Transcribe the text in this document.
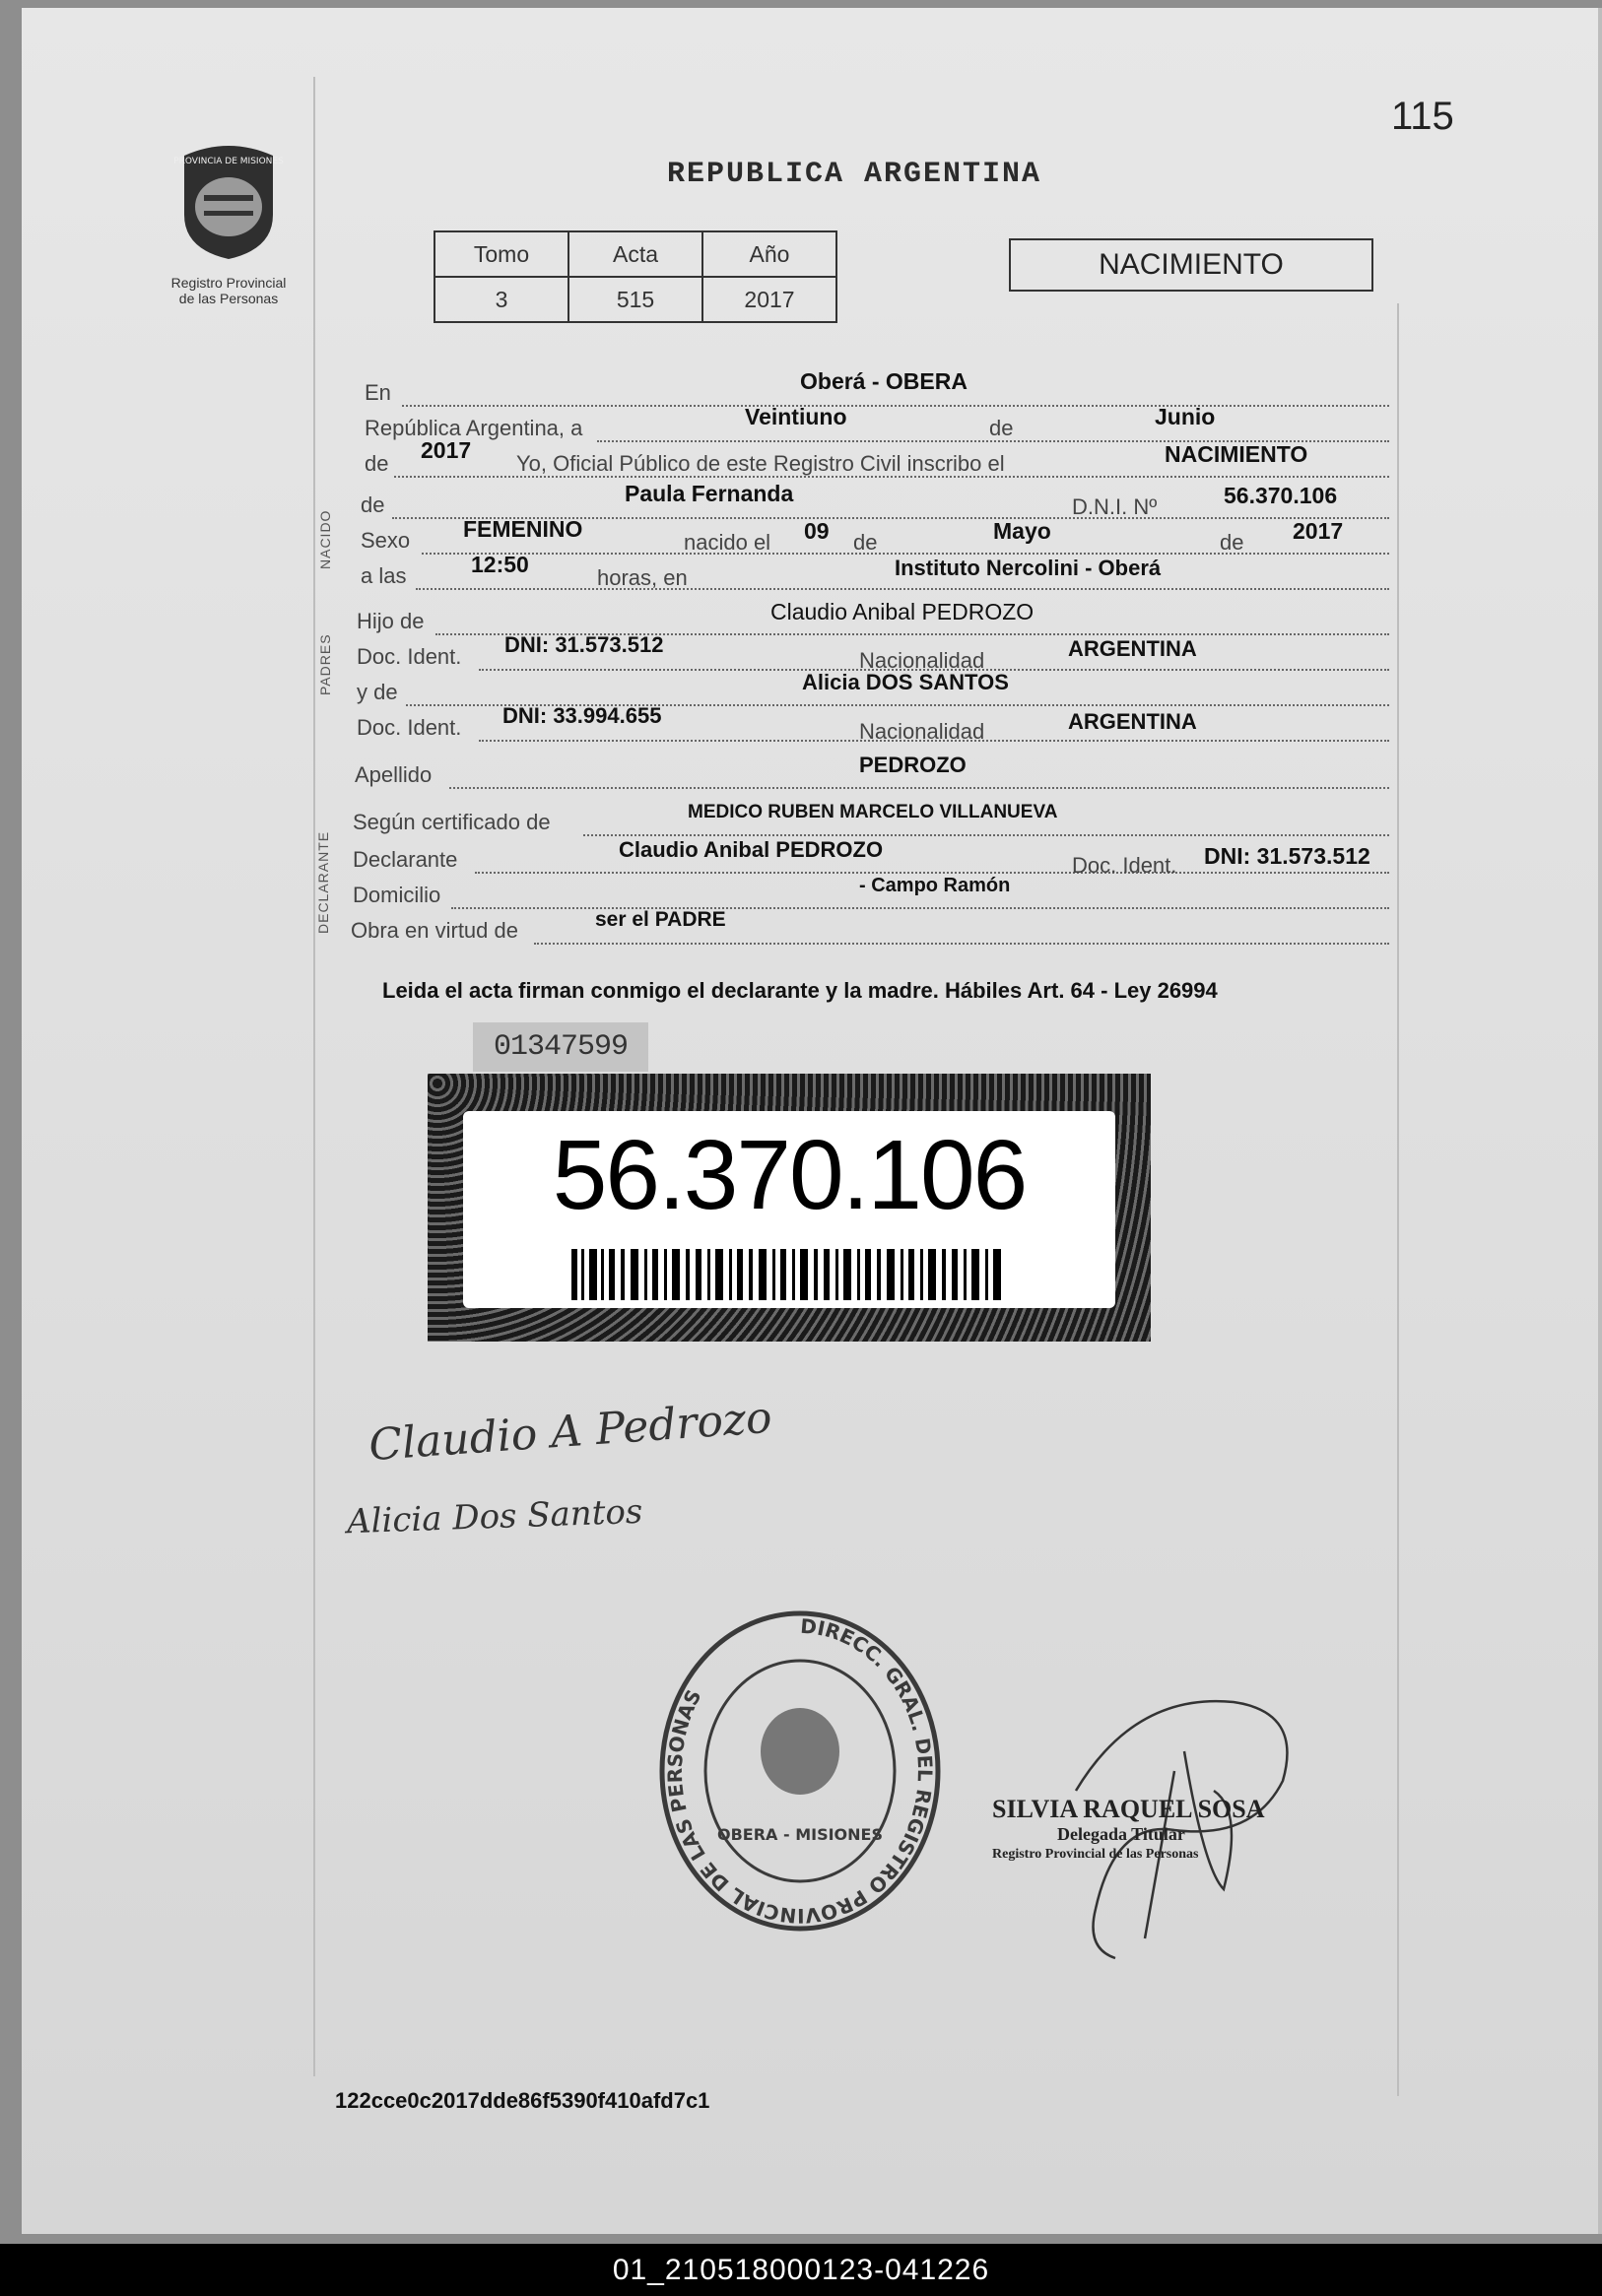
115
PROVINCIA DE MISIONES
Registro Provincial
de las Personas
REPUBLICA ARGENTINA
Tomo	Acta	Año
3	515	2017
NACIMIENTO
En	Oberá - OBERA
República Argentina, a	Veintiuno	de	Junio
de
2017
Yo, Oficial Público de este Registro Civil inscribo el	NACIMIENTO
NACIDO
de	Paula Fernanda
D.N.I. Nº	56.370.106
Sexo FEMENINO
nacido el 09 de	Mayo	de 2017
a las	12:50
horas, en	Instituto Nercolini - Oberá
PADRES
Hijo de	Claudio Anibal PEDROZO
Doc. Ident. DNI: 31.573.512
Nacionalidad	ARGENTINA
y de	Alicia DOS SANTOS
Doc. Ident. DNI: 33.994.655
Nacionalidad	ARGENTINA
Apellido	PEDROZO
DECLARANTE
Según certificado de	MEDICO RUBEN MARCELO VILLANUEVA
Declarante	Claudio Anibal PEDROZO
Doc. Ident. DNI: 31.573.512
Domicilio	- Campo Ramón
Obra en virtud de	ser el PADRE
Leida el acta firman conmigo el declarante y la madre. Hábiles Art. 64 - Ley 26994
01347599
56.370.106
Claudio A Pedrozo
Alicia Dos Santos
DIRECC. GRAL. DEL REGISTRO PROVINCIAL DE LAS PERSONAS
OBERA - MISIONES
SILVIA RAQUEL SOSA
Delegada Titular
Registro Provincial de las Personas
122cce0c2017dde86f5390f410afd7c1
01_210518000123-041226
